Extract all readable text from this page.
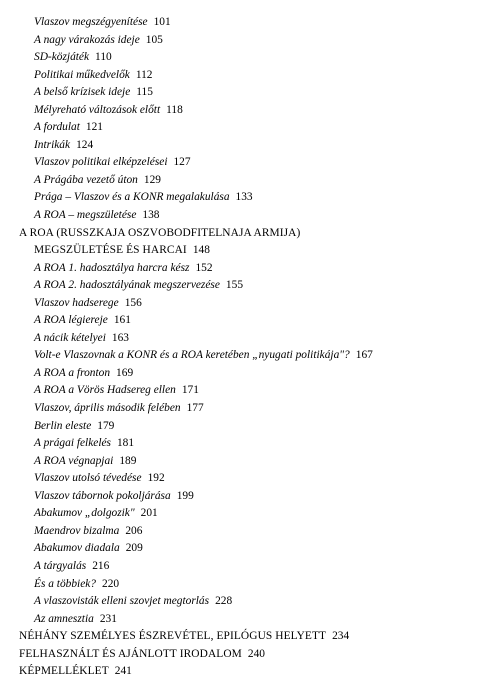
Vlaszov megszégyenítése 101
A nagy várakozás ideje 105
SD-közjáték 110
Politikai műkedvelők 112
A belső krízisek ideje 115
Mélyreható változások előtt 118
A fordulat 121
Intrikák 124
Vlaszov politikai elképzelései 127
A Prágába vezető úton 129
Prága – Vlaszov és a KONR megalakulása 133
A ROA – megszületése 138
A ROA (RUSSZKAJA OSZVOBODFITELNAJA ARMIJA)
MEGSZÜLETÉSE ÉS HARCAI 148
A ROA 1. hadosztálya harcra kész 152
A ROA 2. hadosztályának megszervezése 155
Vlaszov hadserege 156
A ROA légiereje 161
A nácik kételyei 163
Volt-e Vlaszovnak a KONR és a ROA keretében „nyugati politikája"? 167
A ROA a fronton 169
A ROA a Vörös Hadsereg ellen 171
Vlaszov, április második felében 177
Berlin eleste 179
A prágai felkelés 181
A ROA végnapjai 189
Vlaszov utolsó tévedése 192
Vlaszov tábornok pokoljárása 199
Abakumov „dolgozik" 201
Maendrov bizalma 206
Abakumov diadala 209
A tárgyalás 216
És a többiek? 220
A vlaszovisták elleni szovjet megtorlás 228
Az amnesztia 231
NÉHÁNY SZEMÉLYES ÉSZREVÉTEL, EPILÓGUS HELYETT 234
FELHASZNÁLT ÉS AJÁNLOTT IRODALOM 240
KÉPMELLÉKLET 241
